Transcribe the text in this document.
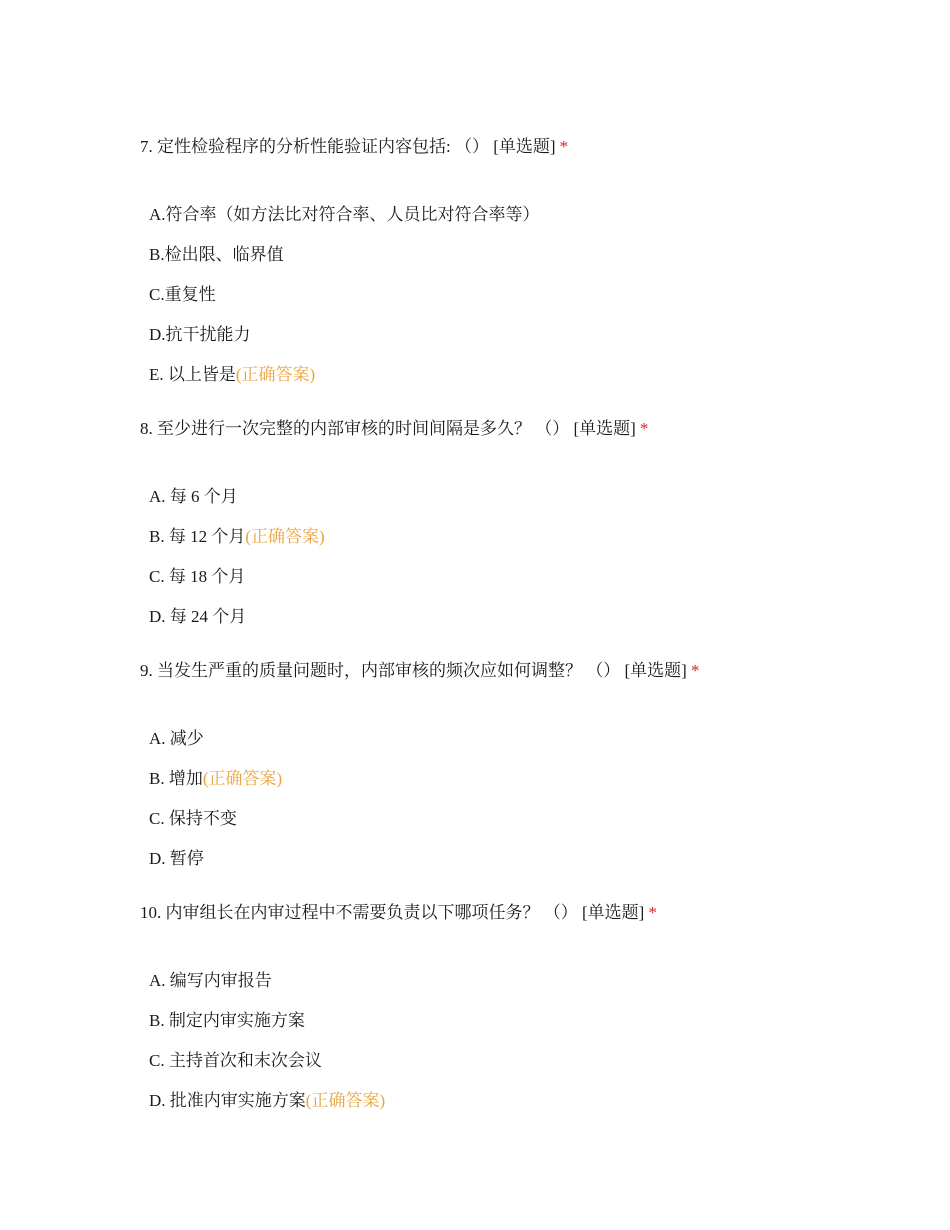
7. 定性检验程序的分析性能验证内容包括: （） [单选题] *
A.符合率（如方法比对符合率、人员比对符合率等）
B.检出限、临界值
C.重复性
D.抗干扰能力
E. 以上皆是(正确答案)
8. 至少进行一次完整的内部审核的时间间隔是多久？ （） [单选题] *
A. 每 6 个月
B. 每 12 个月(正确答案)
C. 每 18 个月
D. 每 24 个月
9. 当发生严重的质量问题时，内部审核的频次应如何调整？ （） [单选题] *
A. 减少
B. 增加(正确答案)
C. 保持不变
D. 暂停
10. 内审组长在内审过程中不需要负责以下哪项任务？ （） [单选题] *
A. 编写内审报告
B. 制定内审实施方案
C. 主持首次和末次会议
D. 批准内审实施方案(正确答案)
